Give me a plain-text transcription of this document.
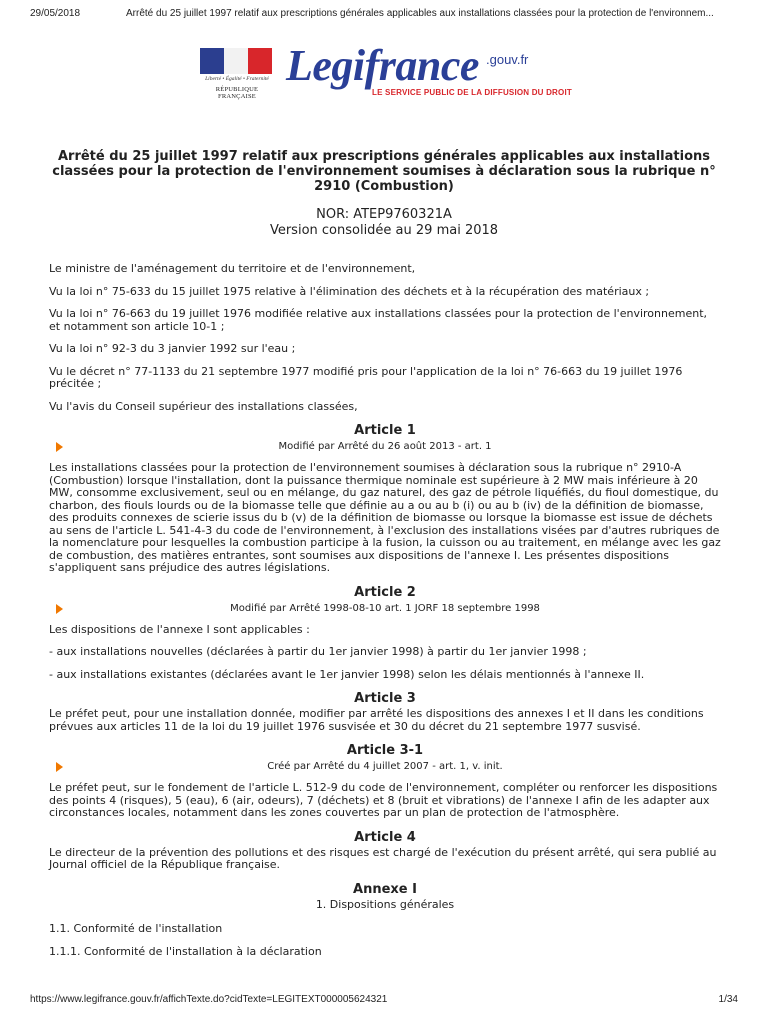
29/05/2018	Arrêté du 25 juillet 1997 relatif aux prescriptions générales applicables aux installations classées pour la protection de l'environnem...
Liberté • Égalité • Fraternité
RÉPUBLIQUE FRANÇAISE
Legifrance .gouv.fr
LE SERVICE PUBLIC DE LA DIFFUSION DU DROIT
Arrêté du 25 juillet 1997 relatif aux prescriptions générales applicables aux installations classées pour la protection de l'environnement soumises à déclaration sous la rubrique n° 2910 (Combustion)
NOR: ATEP9760321A
Version consolidée au 29 mai 2018

Le ministre de l'aménagement du territoire et de l'environnement,

Vu la loi n° 75-633 du 15 juillet 1975 relative à l'élimination des déchets et à la récupération des matériaux ;

Vu la loi n° 76-663 du 19 juillet 1976 modifiée relative aux installations classées pour la protection de l'environnement, et notamment son article 10-1 ;

Vu la loi n° 92-3 du 3 janvier 1992 sur l'eau ;

Vu le décret n° 77-1133 du 21 septembre 1977 modifié pris pour l'application de la loi n° 76-663 du 19 juillet 1976 précitée ;

Vu l'avis du Conseil supérieur des installations classées,

Article 1
Modifié par Arrêté du 26 août 2013 - art. 1

Les installations classées pour la protection de l'environnement soumises à déclaration sous la rubrique n° 2910-A (Combustion) lorsque l'installation, dont la puissance thermique nominale est supérieure à 2 MW mais inférieure à 20 MW, consomme exclusivement, seul ou en mélange, du gaz naturel, des gaz de pétrole liquéfiés, du fioul domestique, du charbon, des fiouls lourds ou de la biomasse telle que définie au a ou au b (i) ou au b (iv) de la définition de biomasse, des produits connexes de scierie issus du b (v) de la définition de biomasse ou lorsque la biomasse est issue de déchets au sens de l'article L. 541-4-3 du code de l'environnement, à l'exclusion des installations visées par d'autres rubriques de la nomenclature pour lesquelles la combustion participe à la fusion, la cuisson ou au traitement, en mélange avec les gaz de combustion, des matières entrantes, sont soumises aux dispositions de l'annexe I. Les présentes dispositions s'appliquent sans préjudice des autres législations.

Article 2
Modifié par Arrêté 1998-08-10 art. 1 JORF 18 septembre 1998

Les dispositions de l'annexe I sont applicables :

- aux installations nouvelles (déclarées à partir du 1er janvier 1998) à partir du 1er janvier 1998 ;

- aux installations existantes (déclarées avant le 1er janvier 1998) selon les délais mentionnés à l'annexe II.

Article 3

Le préfet peut, pour une installation donnée, modifier par arrêté les dispositions des annexes I et II dans les conditions prévues aux articles 11 de la loi du 19 juillet 1976 susvisée et 30 du décret du 21 septembre 1977 susvisé.

Article 3-1
Créé par Arrêté du 4 juillet 2007 - art. 1, v. init.

Le préfet peut, sur le fondement de l'article L. 512-9 du code de l'environnement, compléter ou renforcer les dispositions des points 4 (risques), 5 (eau), 6 (air, odeurs), 7 (déchets) et 8 (bruit et vibrations) de l'annexe I afin de les adapter aux circonstances locales, notamment dans les zones couvertes par un plan de protection de l'atmosphère.

Article 4

Le directeur de la prévention des pollutions et des risques est chargé de l'exécution du présent arrêté, qui sera publié au Journal officiel de la République française.

Annexe I
1. Dispositions générales

1.1. Conformité de l'installation

1.1.1. Conformité de l'installation à la déclaration

https://www.legifrance.gouv.fr/affichTexte.do?cidTexte=LEGITEXT000005624321	1/34
